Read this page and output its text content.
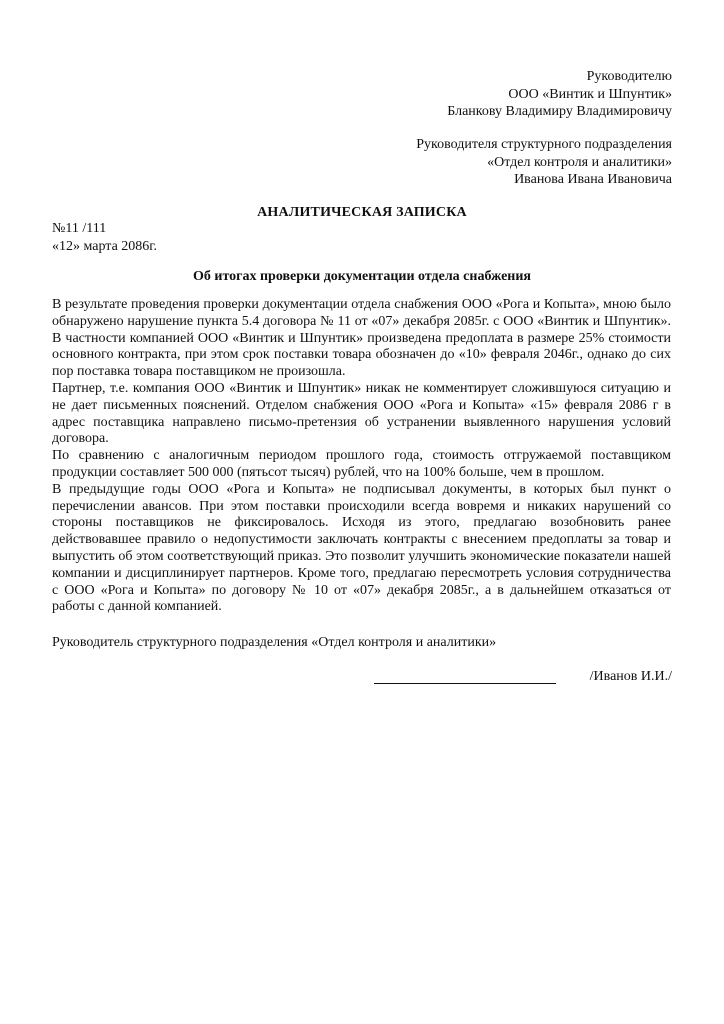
Руководителю
ООО «Винтик и Шпунтик»
Бланкову Владимиру Владимировичу
Руководителя структурного подразделения
«Отдел контроля и аналитики»
Иванова Ивана Ивановича
АНАЛИТИЧЕСКАЯ ЗАПИСКА
№11 /111
«12» марта 2086г.
Об итогах проверки документации отдела снабжения

В результате проведения проверки документации отдела снабжения ООО «Рога и Копыта», мною было обнаружено нарушение пункта 5.4 договора № 11 от «07» декабря 2085г. с ООО «Винтик и Шпунтик». В частности компанией ООО «Винтик и Шпунтик» произведена предоплата в размере 25% стоимости основного контракта, при этом срок поставки товара обозначен до «10» февраля 2046г., однако до сих пор поставка товара поставщиком не произошла.

Партнер, т.е. компания ООО «Винтик и Шпунтик» никак не комментирует сложившуюся ситуацию и не дает письменных пояснений. Отделом снабжения ООО «Рога и Копыта» «15» февраля 2086 г в адрес поставщика направлено письмо-претензия об устранении выявленного нарушения условий договора.

По сравнению с аналогичным периодом прошлого года, стоимость отгружаемой поставщиком продукции составляет 500 000 (пятьсот тысяч) рублей, что на 100% больше, чем в прошлом.

В предыдущие годы ООО «Рога и Копыта» не подписывал документы, в которых был пункт о перечислении авансов. При этом поставки происходили всегда вовремя и никаких нарушений со стороны поставщиков не фиксировалось. Исходя из этого, предлагаю возобновить ранее действовавшее правило о недопустимости заключать контракты с внесением предоплаты за товар и выпустить об этом соответствующий приказ. Это позволит улучшить экономические показатели нашей компании и дисциплинирует партнеров. Кроме того, предлагаю пересмотреть условия сотрудничества с ООО «Рога и Копыта» по договору № 10 от «07» декабря 2085г., а в дальнейшем отказаться от работы с данной компанией.

Руководитель структурного подразделения «Отдел контроля и аналитики»
/Иванов И.И./
